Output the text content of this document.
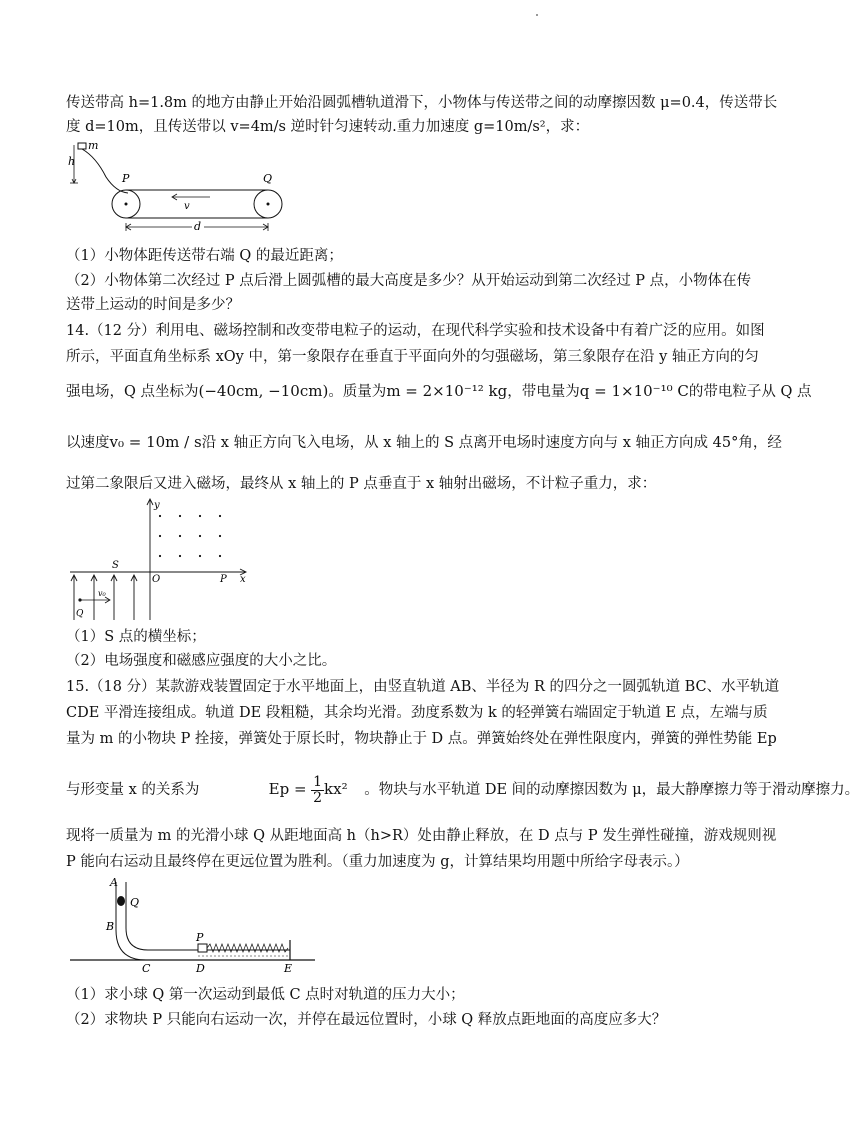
传送带高 h=1.8m 的地方由静止开始沿圆弧槽轨道滑下，小物体与传送带之间的动摩擦因数 μ=0.4，传送带长
度 d=10m，且传送带以 v=4m/s 逆时针匀速转动.重力加速度 g=10m/s²，求：
m
h
P	Q
v
d
（1）小物体距传送带右端 Q 的最近距离；
（2）小物体第二次经过 P 点后滑上圆弧槽的最大高度是多少？从开始运动到第二次经过 P 点，小物体在传
送带上运动的时间是多少？
14.（12 分）利用电、磁场控制和改变带电粒子的运动，在现代科学实验和技术设备中有着广泛的应用。如图
所示，平面直角坐标系 xOy 中，第一象限存在垂直于平面向外的匀强磁场，第三象限存在沿 y 轴正方向的匀
强电场，Q 点坐标为(−40cm, −10cm)。质量为m = 2×10⁻¹² kg，带电量为q = 1×10⁻¹⁰ C的带电粒子从 Q 点
以速度v₀ = 10m / s沿 x 轴正方向飞入电场，从 x 轴上的 S 点离开电场时速度方向与 x 轴正方向成 45°角，经
过第二象限后又进入磁场，最终从 x 轴上的 P 点垂直于 x 轴射出磁场，不计粒子重力，求：
y
x
O
S
P
Q
v₀
（1）S 点的横坐标；
（2）电场强度和磁感应强度的大小之比。
15.（18 分）某款游戏装置固定于水平地面上，由竖直轨道 AB、半径为 R 的四分之一圆弧轨道 BC、水平轨道
CDE 平滑连接组成。轨道 DE 段粗糙，其余均光滑。劲度系数为 k 的轻弹簧右端固定于轨道 E 点，左端与质
量为 m 的小物块 P 拴接，弹簧处于原长时，物块静止于 D 点。弹簧始终处在弹性限度内，弹簧的弹性势能 Ep
与形变量 x 的关系为	$Ep = \frac{1}{2} kx^2$ 。物块与水平轨道 DE 间的动摩擦因数为 μ，最大静摩擦力等于滑动摩擦力。
现将一质量为 m 的光滑小球 Q 从距地面高 h（h>R）处由静止释放，在 D 点与 P 发生弹性碰撞，游戏规则视
P 能向右运动且最终停在更远位置为胜利。（重力加速度为 g，计算结果均用题中所给字母表示。）
Q
A
B
C
P
D	E
（1）求小球 Q 第一次运动到最低 C 点时对轨道的压力大小；
（2）求物块 P 只能向右运动一次，并停在最远位置时，小球 Q 释放点距地面的高度应多大？
